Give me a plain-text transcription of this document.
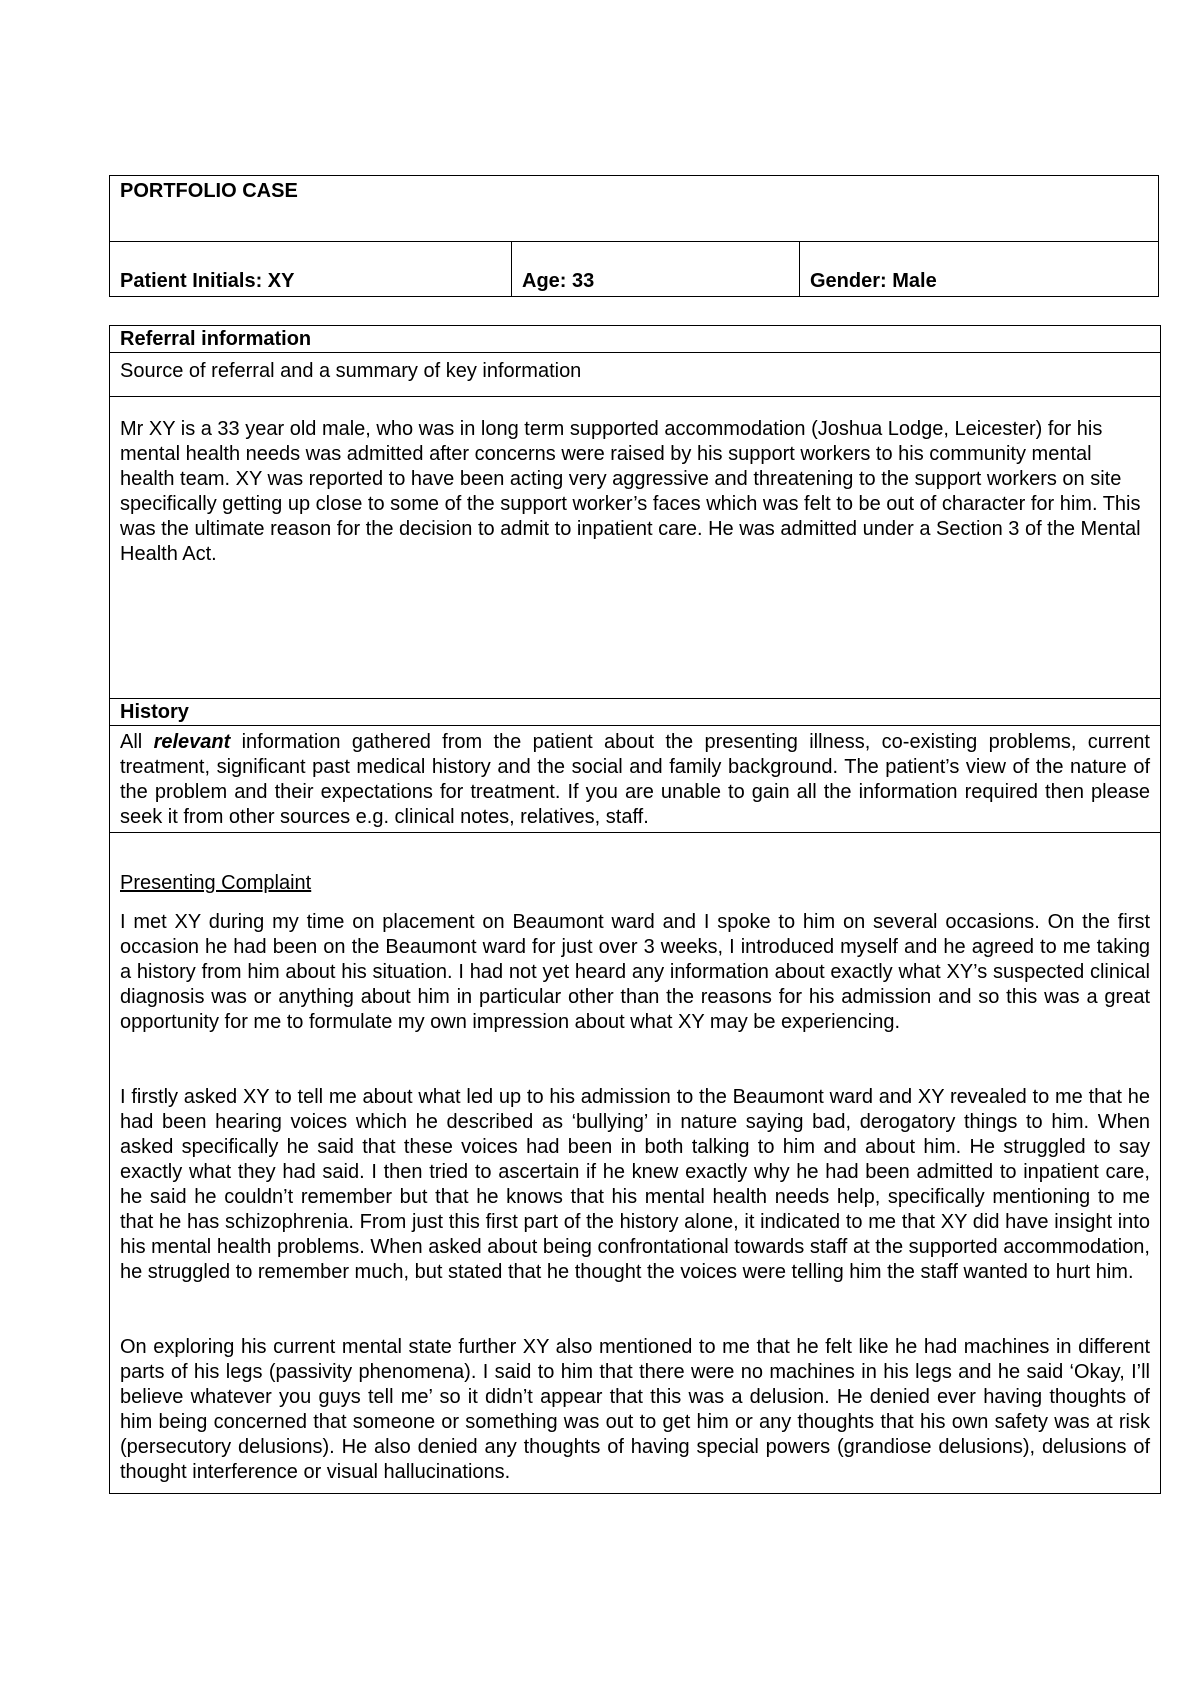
PORTFOLIO CASE
Patient Initials: XY	Age: 33	Gender: Male
Referral information
Source of referral and a summary of key information

Mr XY is a 33 year old male, who was in long term supported accommodation (Joshua Lodge, Leicester) for his mental health needs was admitted after concerns were raised by his support workers to his community mental health team. XY was reported to have been acting very aggressive and threatening to the support workers on site specifically getting up close to some of the support worker’s faces which was felt to be out of character for him. This was the ultimate reason for the decision to admit to inpatient care. He was admitted under a Section 3 of the Mental Health Act.

History
All relevant information gathered from the patient about the presenting illness, co-existing problems, current treatment, significant past medical history and the social and family background. The patient’s view of the nature of the problem and their expectations for treatment. If you are unable to gain all the information required then please seek it from other sources e.g. clinical notes, relatives, staff.

Presenting Complaint

I met XY during my time on placement on Beaumont ward and I spoke to him on several occasions. On the first occasion he had been on the Beaumont ward for just over 3 weeks, I introduced myself and he agreed to me taking a history from him about his situation. I had not yet heard any information about exactly what XY’s suspected clinical diagnosis was or anything about him in particular other than the reasons for his admission and so this was a great opportunity for me to formulate my own impression about what XY may be experiencing.

I firstly asked XY to tell me about what led up to his admission to the Beaumont ward and XY revealed to me that he had been hearing voices which he described as ‘bullying’ in nature saying bad, derogatory things to him. When asked specifically he said that these voices had been in both talking to him and about him. He struggled to say exactly what they had said. I then tried to ascertain if he knew exactly why he had been admitted to inpatient care, he said he couldn’t remember but that he knows that his mental health needs help, specifically mentioning to me that he has schizophrenia. From just this first part of the history alone, it indicated to me that XY did have insight into his mental health problems. When asked about being confrontational towards staff at the supported accommodation, he struggled to remember much, but stated that he thought the voices were telling him the staff wanted to hurt him.

On exploring his current mental state further XY also mentioned to me that he felt like he had machines in different parts of his legs (passivity phenomena). I said to him that there were no machines in his legs and he said ‘Okay, I’ll believe whatever you guys tell me’ so it didn’t appear that this was a delusion. He denied ever having thoughts of him being concerned that someone or something was out to get him or any thoughts that his own safety was at risk (persecutory delusions). He also denied any thoughts of having special powers (grandiose delusions), delusions of thought interference or visual hallucinations.
